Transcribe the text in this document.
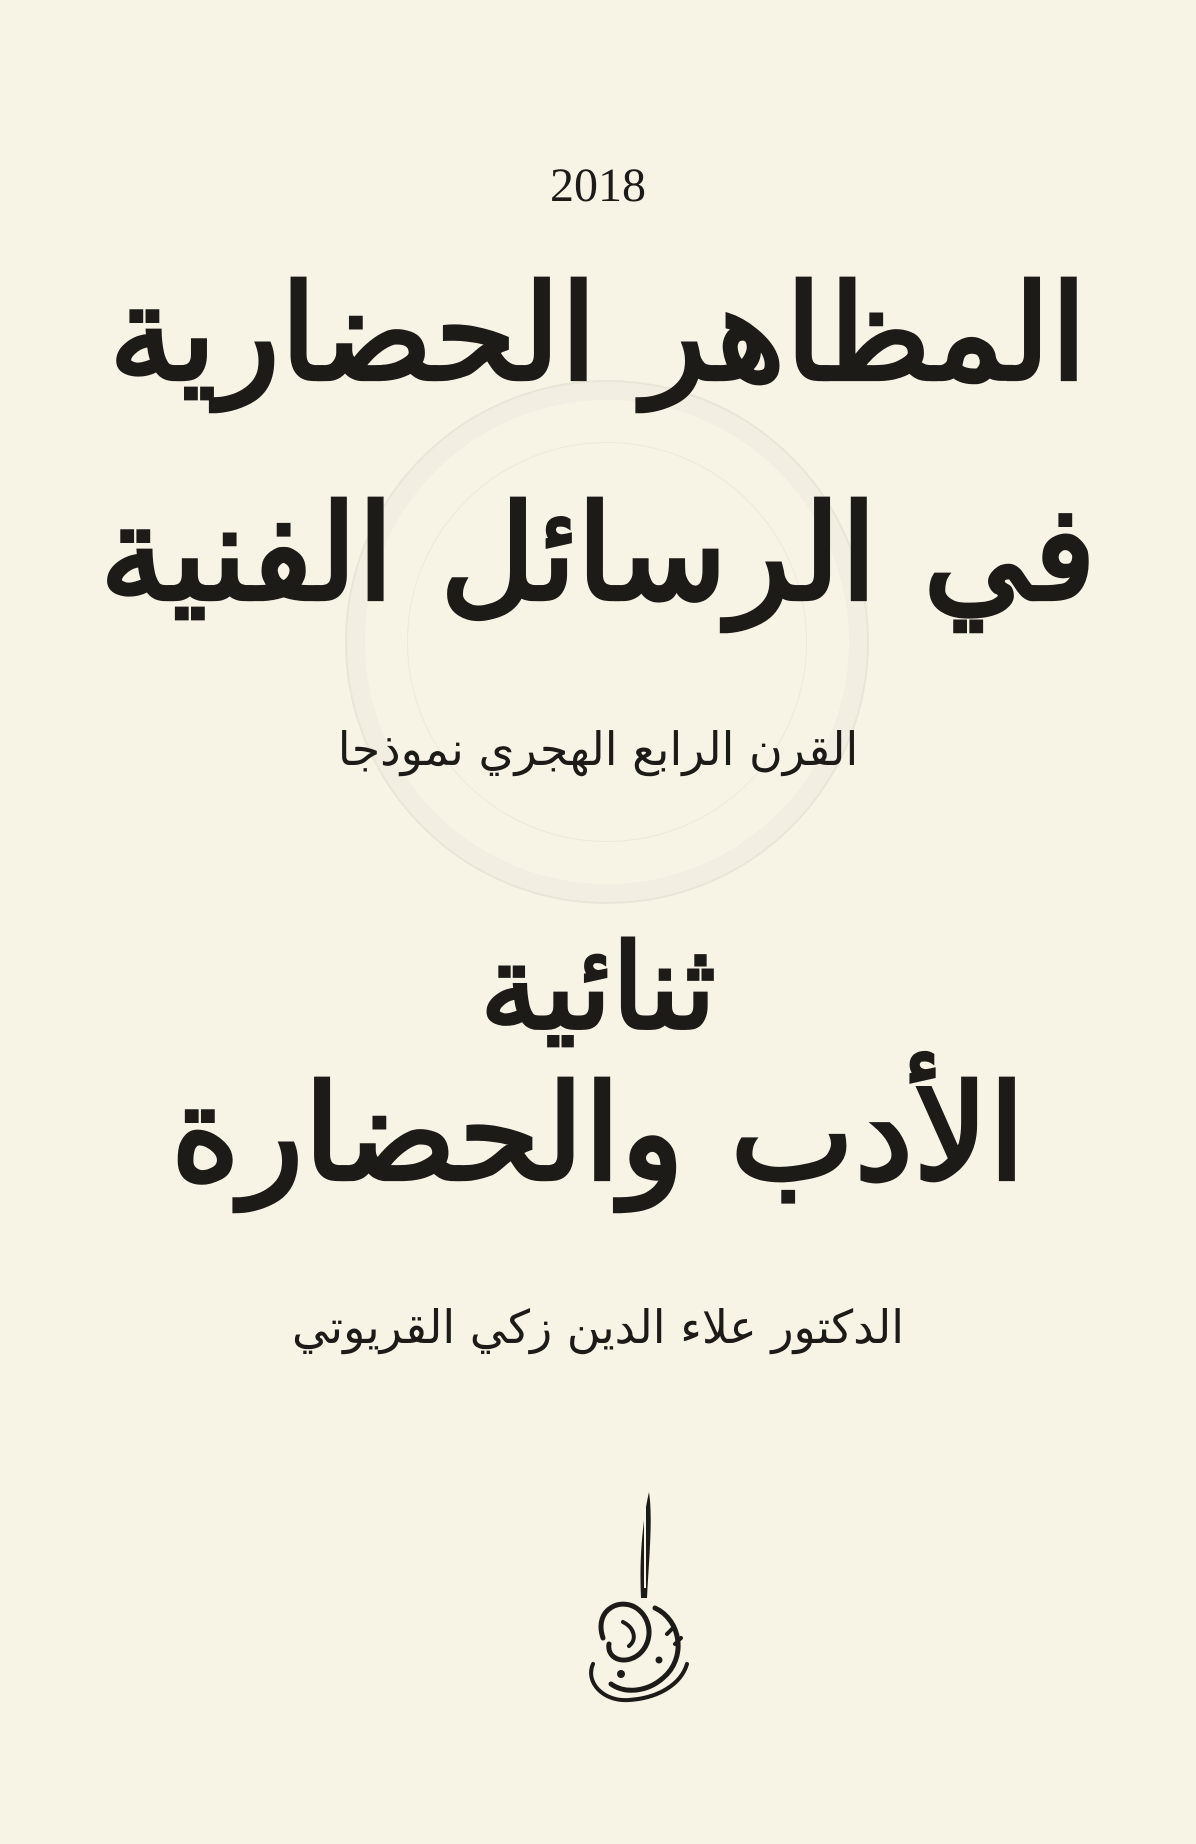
2018
المظاهر الحضارية
في الرسائل الفنية
القرن الرابع الهجري نموذجا
ثنائية
الأدب والحضارة
الدكتور علاء الدين زكي القريوتي
